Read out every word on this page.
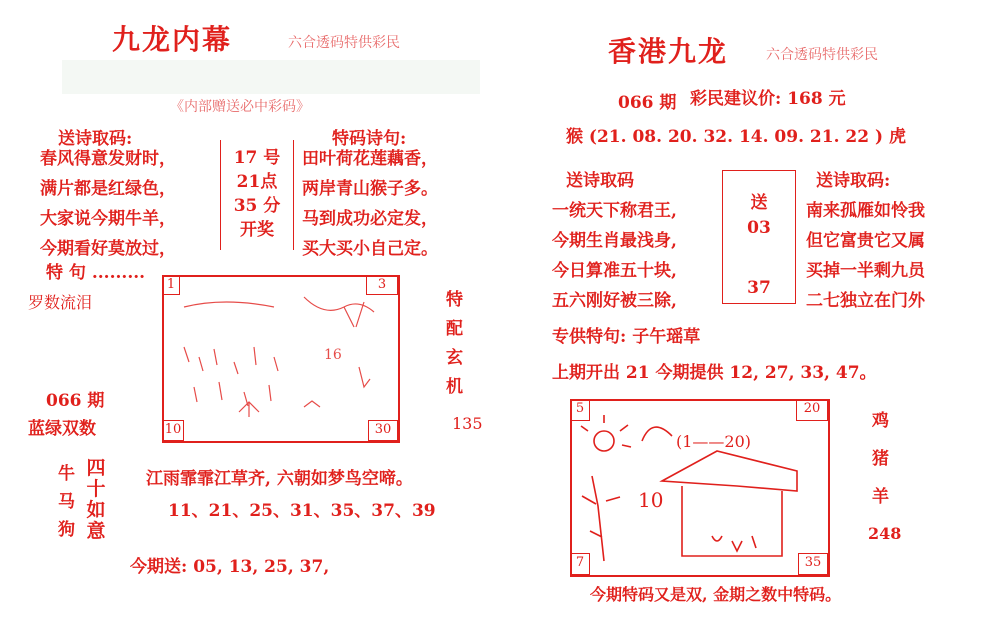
九龙内幕	六合透码特供彩民
《内部赠送必中彩码》
送诗取码:	特码诗句:
春风得意发财时，
满片都是红绿色，
大家说今期牛羊，
今期看好莫放过，
17 号
21点
35 分
开奖
田叶荷花莲藕香，
两岸青山猴子多。
马到成功必定发，
买大买小自己定。
特 句 .........
罗数流泪
1	3
10	30
16
特
配
玄
机
135
066 期
蓝绿双数
牛
马
狗
四
十
如
意
江雨霏霏江草齐, 六朝如梦鸟空啼。
11、21、25、31、35、37、39
今期送: 05, 13, 25, 37,
香港九龙	六合透码特供彩民
066 期 彩民建议价: 168 元
猴 (21. 08. 20. 32. 14. 09. 21. 22 ) 虎
送诗取码	送诗取码:
一统天下称君王,
今期生肖最浅身,
今日算准五十块,
五六刚好被三除,
送
03
37
南来孤雁如怜我
但它富贵它又属
买掉一半剩九员
二七独立在门外
专供特句: 子午瑶草
上期开出 21 今期提供 12, 27, 33, 47。
5	20
7	35
(1——20)
10
鸡
猪
羊
248
今期特码又是双, 金期之数中特码。
